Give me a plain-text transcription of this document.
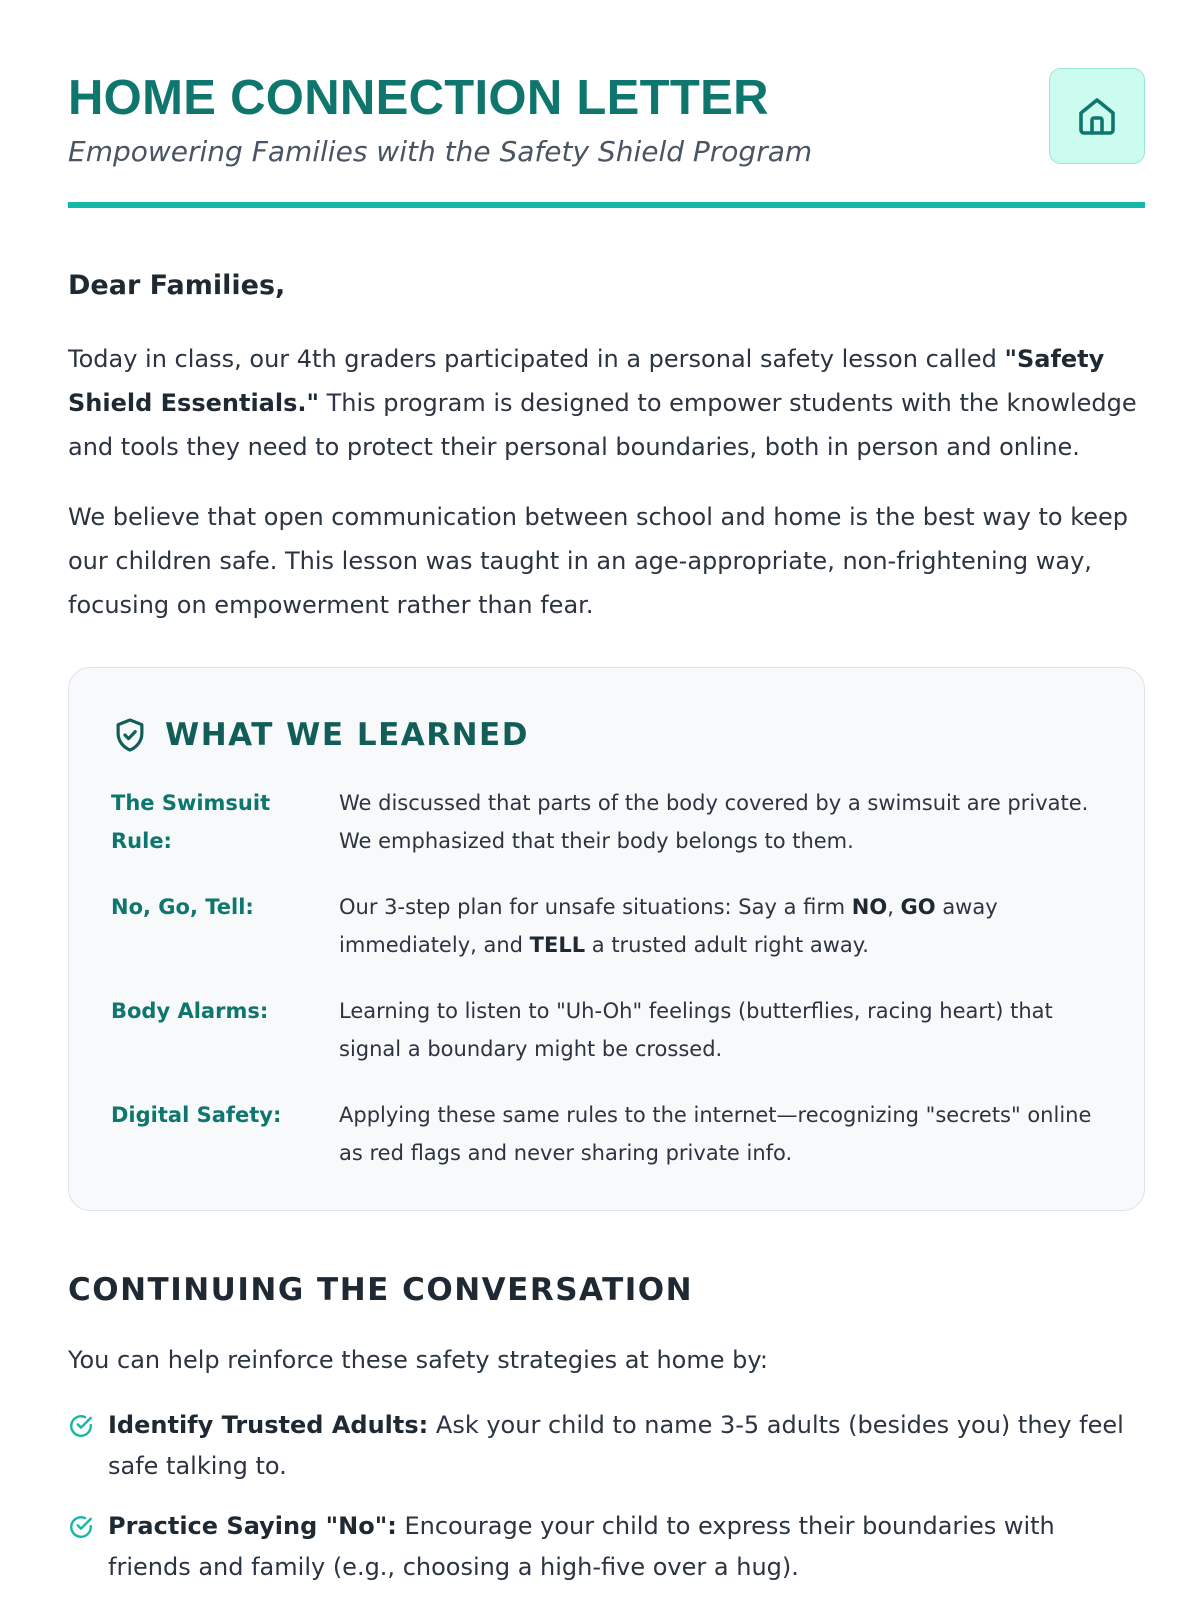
HOME CONNECTION LETTER

Empowering Families with the Safety Shield Program

Dear Families,

Today in class, our 4th graders participated in a personal safety lesson called "Safety Shield Essentials." This program is designed to empower students with the knowledge and tools they need to protect their personal boundaries, both in person and online.

We believe that open communication between school and home is the best way to keep our children safe. This lesson was taught in an age-appropriate, non-frightening way, focusing on empowerment rather than fear.

WHAT WE LEARNED
The Swimsuit Rule:
We discussed that parts of the body covered by a swimsuit are private. We emphasized that their body belongs to them.
No, Go, Tell:	Our 3-step plan for unsafe situations: Say a firm NO, GO away immediately, and TELL a trusted adult right away.
Body Alarms:	Learning to listen to "Uh-Oh" feelings (butterflies, racing heart) that signal a boundary might be crossed.
Digital Safety:	Applying these same rules to the internet—recognizing "secrets" online as red flags and never sharing private info.
CONTINUING THE CONVERSATION

You can help reinforce these safety strategies at home by:

Identify Trusted Adults: Ask your child to name 3-5 adults (besides you) they feel safe talking to.

Practice Saying "No": Encourage your child to express their boundaries with friends and family (e.g., choosing a high-five over a hug).
